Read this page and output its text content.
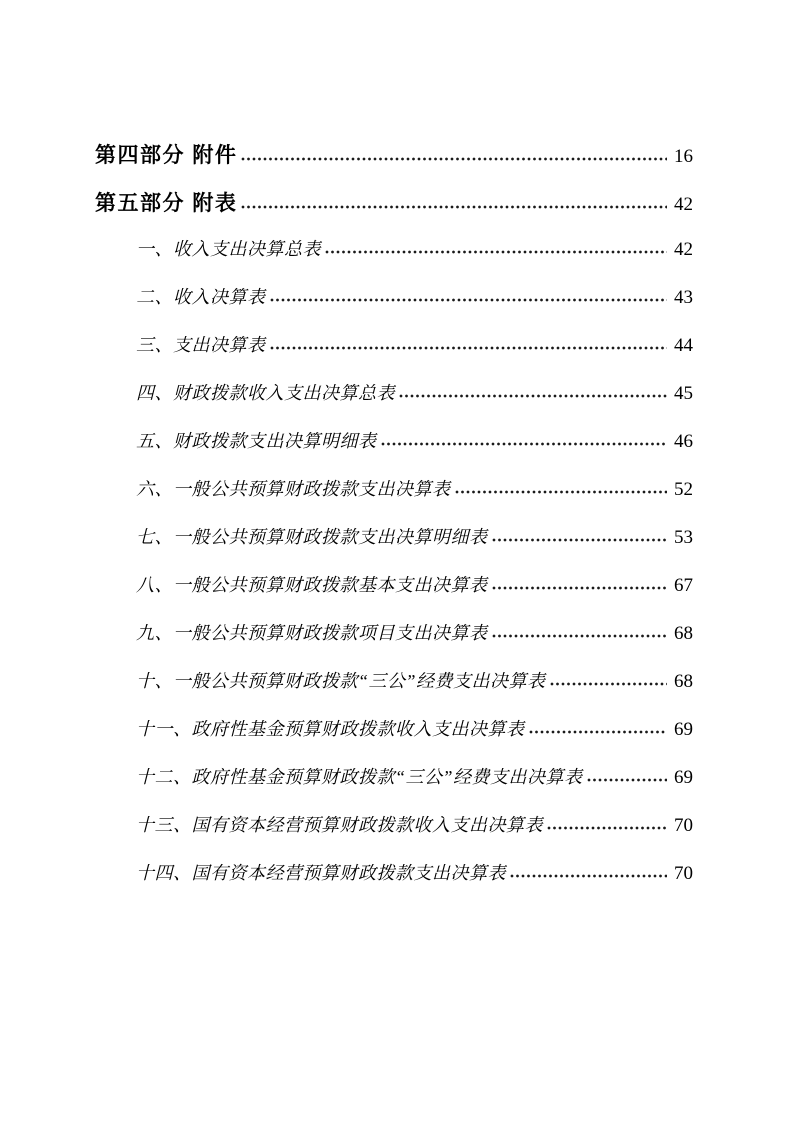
第四部分 附件	16
第五部分 附表	42
一、收入支出决算总表	42
二、收入决算表	43
三、支出决算表	44
四、财政拨款收入支出决算总表	45
五、财政拨款支出决算明细表	46
六、一般公共预算财政拨款支出决算表	52
七、一般公共预算财政拨款支出决算明细表	53
八、一般公共预算财政拨款基本支出决算表	67
九、一般公共预算财政拨款项目支出决算表	68
十、一般公共预算财政拨款“三公”经费支出决算表	68
十一、政府性基金预算财政拨款收入支出决算表	69
十二、政府性基金预算财政拨款“三公”经费支出决算表	69
十三、国有资本经营预算财政拨款收入支出决算表	70
十四、国有资本经营预算财政拨款支出决算表	70
